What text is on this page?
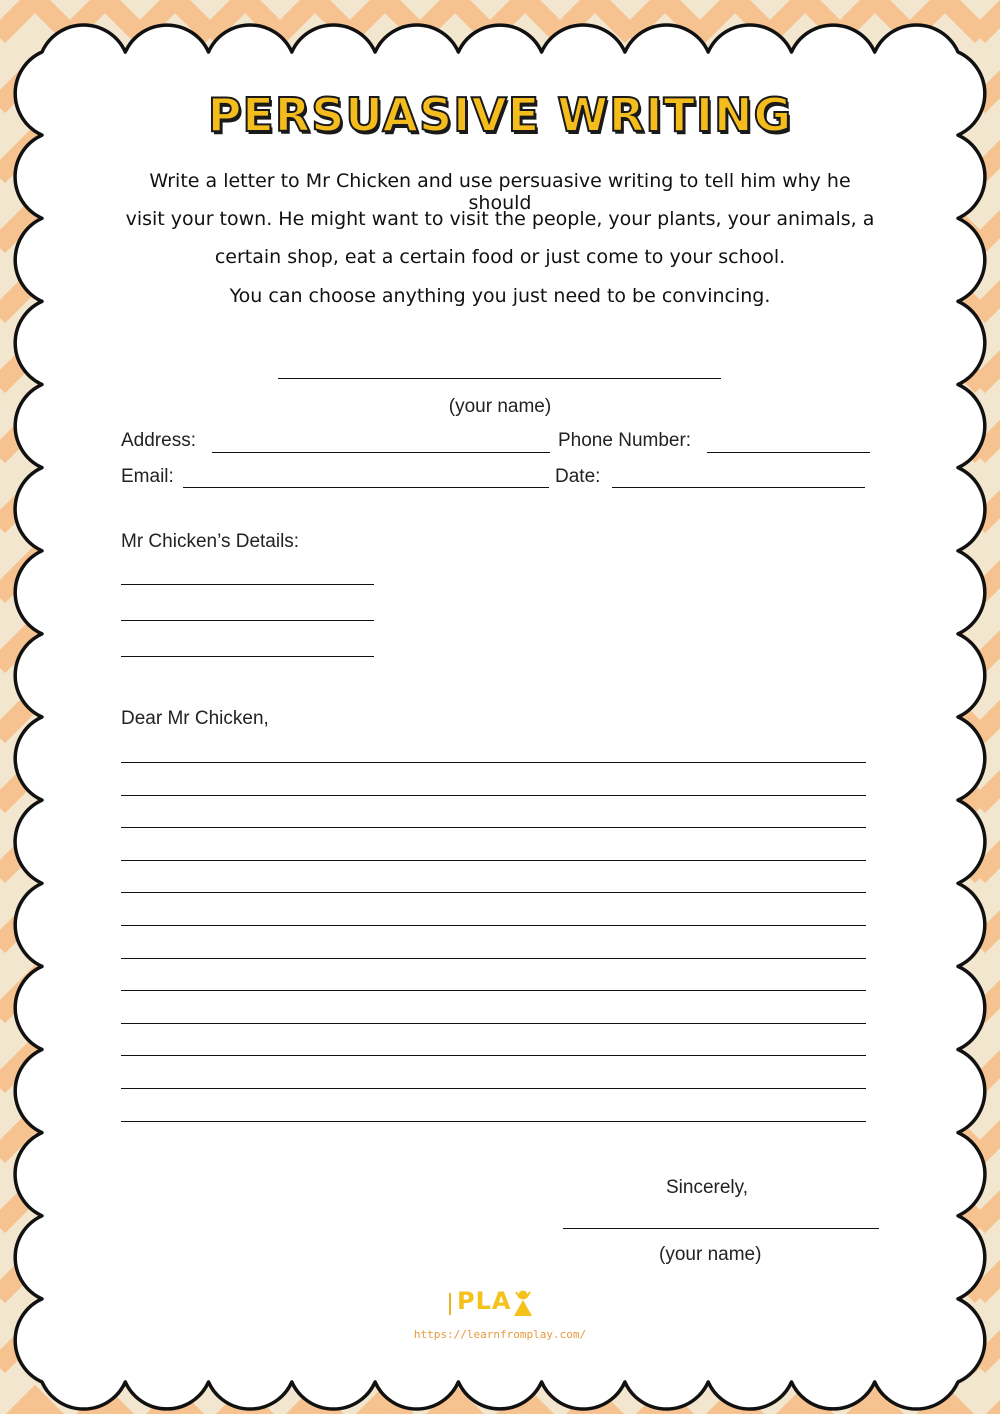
PERSUASIVE WRITING
Write a letter to Mr Chicken and use persuasive writing to tell him why he should
visit your town. He might want to visit the people, your plants, your animals, a
certain shop, eat a certain food or just come to your school.
You can choose anything you just need to be convincing.
(your name)
Address:	Phone Number:
Email:	Date:
Mr Chicken’s Details:
Dear Mr Chicken,
Sincerely,
(your name)
PLA
https://learnfromplay.com/
